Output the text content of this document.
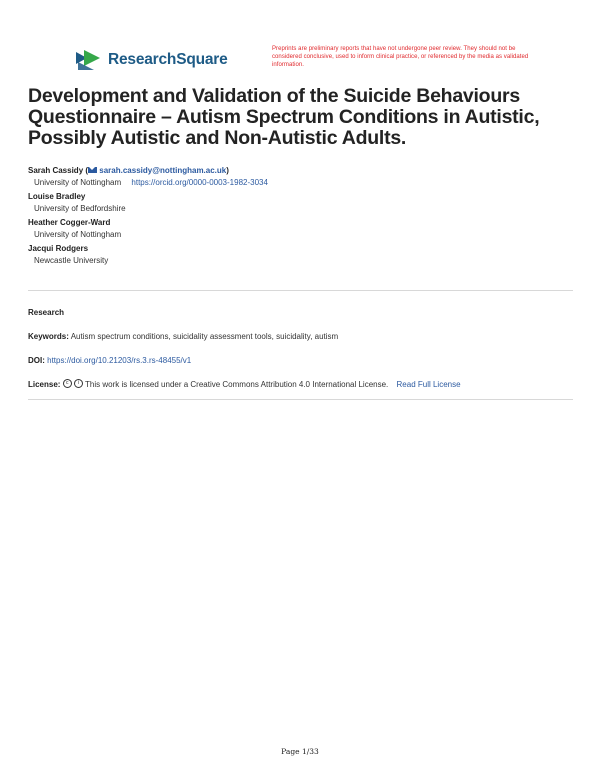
ResearchSquare
Preprints are preliminary reports that have not undergone peer review. They should not be considered conclusive, used to inform clinical practice, or referenced by the media as validated information.
Development and Validation of the Suicide Behaviours Questionnaire – Autism Spectrum Conditions in Autistic, Possibly Autistic and Non-Autistic Adults.
Sarah Cassidy ( sarah.cassidy@nottingham.ac.uk)
University of Nottingham https://orcid.org/0000-0003-1982-3034
Louise Bradley
University of Bedfordshire
Heather Cogger-Ward
University of Nottingham
Jacqui Rodgers
Newcastle University
Research
Keywords: Autism spectrum conditions, suicidality assessment tools, suicidality, autism
DOI: https://doi.org/10.21203/rs.3.rs-48455/v1
License: c i This work is licensed under a Creative Commons Attribution 4.0 International License. Read Full License
Page 1/33
